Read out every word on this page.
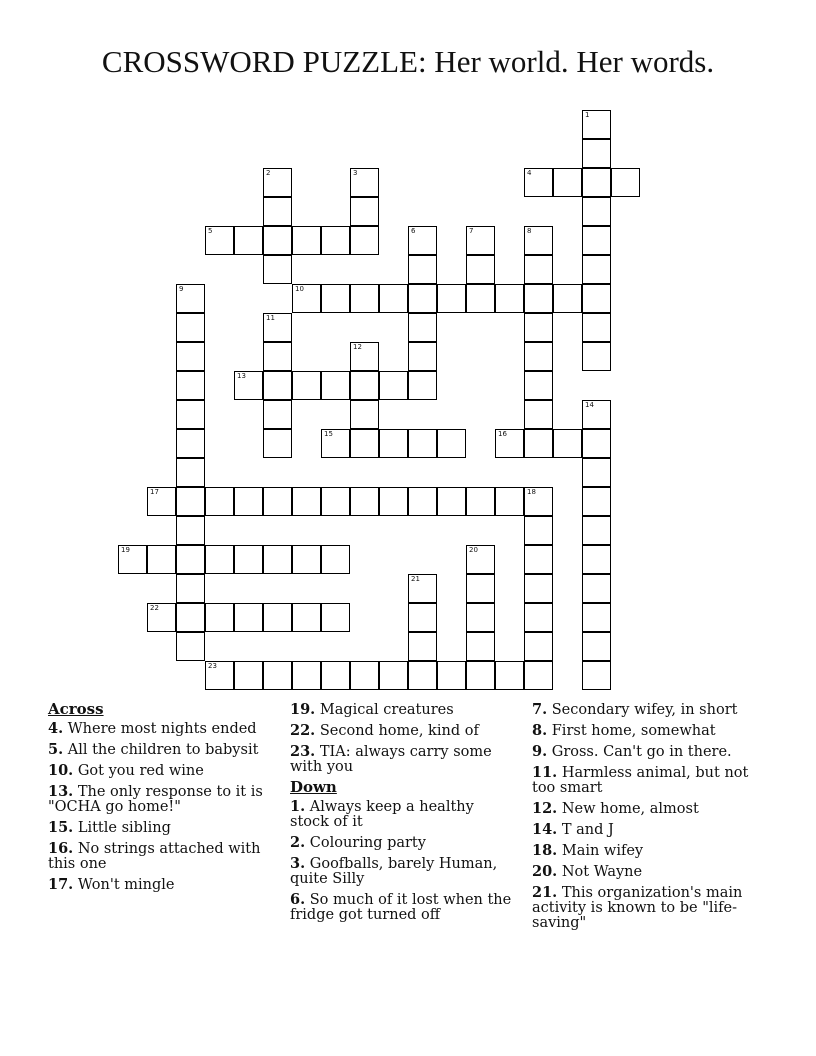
CROSSWORD PUZZLE: Her world. Her words.
1
2	3	4
5	6	7	8
9	10
11
12
13
14
15	16
17	18
19	20
21
22
23
Across
4. Where most nights ended
5. All the children to babysit
10. Got you red wine
13. The only response to it is "OCHA go home!"
15. Little sibling
16. No strings attached with this one
17. Won't mingle
19. Magical creatures
22. Second home, kind of
23. TIA: always carry some with you
Down
1. Always keep a healthy stock of it
2. Colouring party
3. Goofballs, barely Human, quite Silly
6. So much of it lost when the fridge got turned off
7. Secondary wifey, in short
8. First home, somewhat
9. Gross. Can't go in there.
11. Harmless animal, but not too smart
12. New home, almost
14. T and J
18. Main wifey
20. Not Wayne
21. This organization's main activity is known to be "life-saving"
